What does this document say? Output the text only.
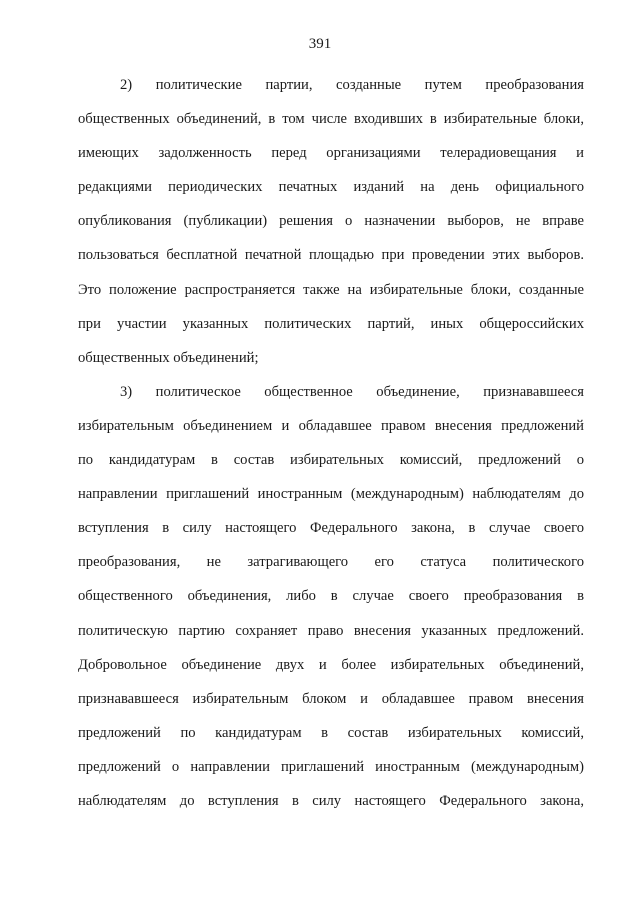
391
2) политические партии, созданные путем преобразования
общественных объединений, в том числе входивших в избирательные блоки,
имеющих задолженность перед организациями телерадиовещания и
редакциями периодических печатных изданий на день официального
опубликования (публикации) решения о назначении выборов, не вправе
пользоваться бесплатной печатной площадью при проведении этих выборов.
Это положение распространяется также на избирательные блоки, созданные
при участии указанных политических партий, иных общероссийских
общественных объединений;
3) политическое общественное объединение, признававшееся
избирательным объединением и обладавшее правом внесения предложений
по кандидатурам в состав избирательных комиссий, предложений о
направлении приглашений иностранным (международным) наблюдателям до
вступления в силу настоящего Федерального закона, в случае своего
преобразования, не затрагивающего его статуса политического
общественного объединения, либо в случае своего преобразования в
политическую партию сохраняет право внесения указанных предложений.
Добровольное объединение двух и более избирательных объединений,
признававшееся избирательным блоком и обладавшее правом внесения
предложений по кандидатурам в состав избирательных комиссий,
предложений о направлении приглашений иностранным (международным)
наблюдателям до вступления в силу настоящего Федерального закона,
